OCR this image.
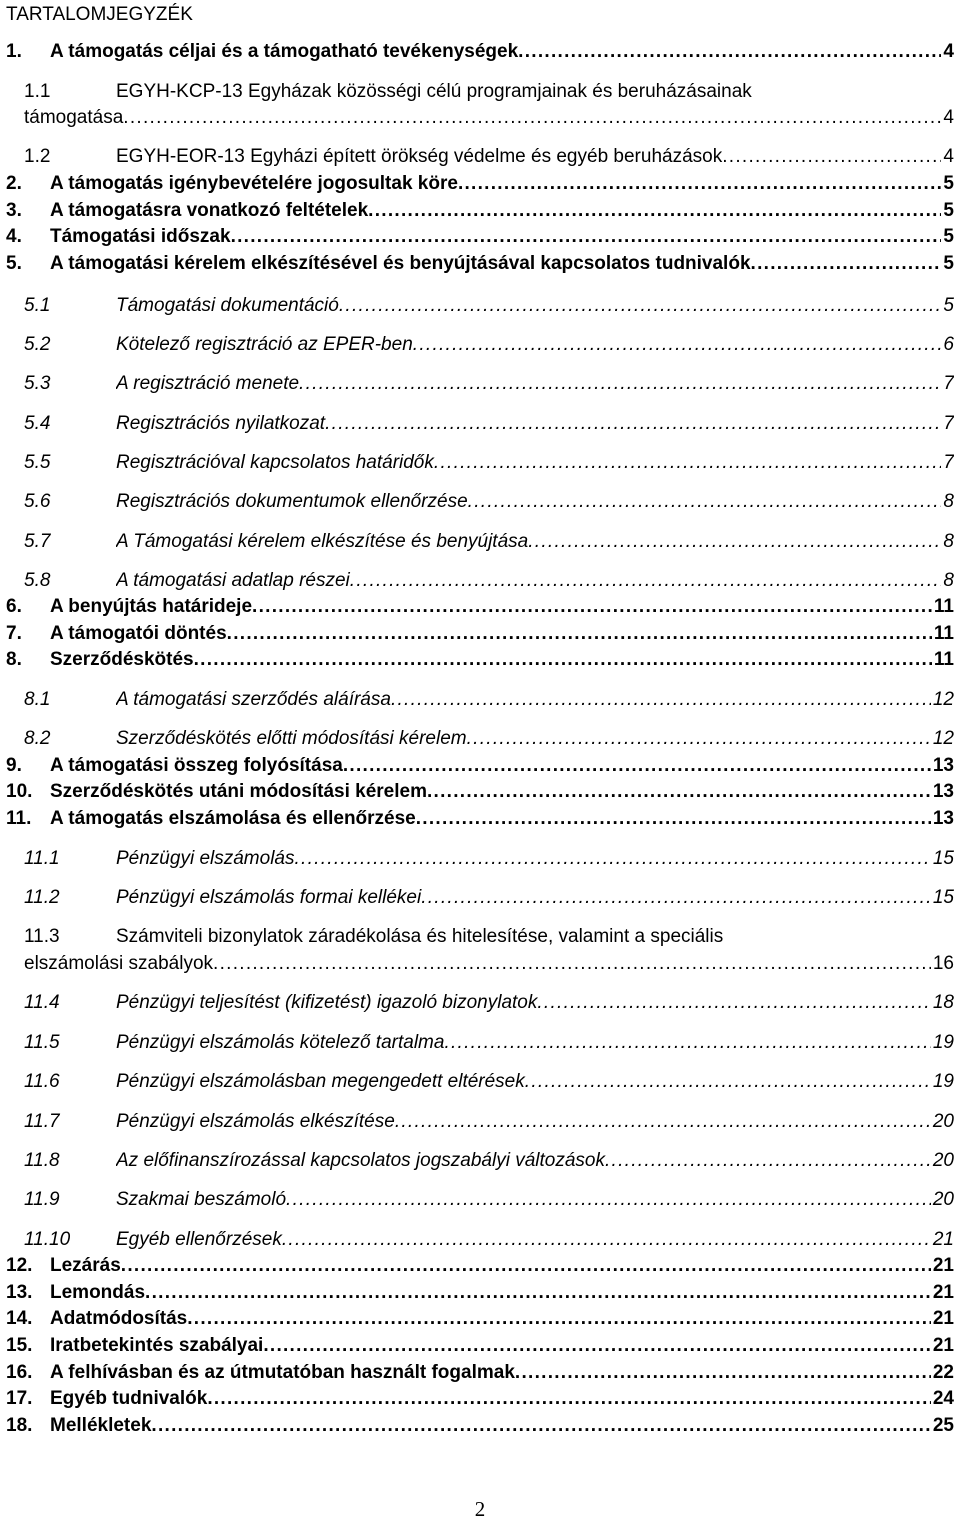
TARTALOMJEGYZÉK
1. A támogatás céljai és a támogatható tevékenységek . . .	4
1.1	EGYH-KCP-13 Egyházak közösségi célú programjainak és beruházásainak
támogatása . . .	4
1.2	EGYH-EOR-13 Egyházi épített örökség védelme és egyéb beruházások . . .	4
2. A támogatás igénybevételére jogosultak köre . . .	5
3. A támogatásra vonatkozó feltételek . . .	5
4. Támogatási időszak . . .	5
5. A támogatási kérelem elkészítésével és benyújtásával kapcsolatos tudnivalók . . .	5
5.1	Támogatási dokumentáció . . .	5
5.2	Kötelező regisztráció az EPER-ben . . .	6
5.3	A regisztráció menete . . .	7
5.4	Regisztrációs nyilatkozat . . .	7
5.5	Regisztrációval kapcsolatos határidők . . .	7
5.6	Regisztrációs dokumentumok ellenőrzése . . .	8
5.7	A Támogatási kérelem elkészítése és benyújtása . . .	8
5.8	A támogatási adatlap részei . . .	8
6. A benyújtás határideje . . .	11
7. A támogatói döntés . . .	11
8. Szerződéskötés . . .	11
8.1	A támogatási szerződés aláírása . . .	12
8.2	Szerződéskötés előtti módosítási kérelem . . .	12
9. A támogatási összeg folyósítása . . .	13
10. Szerződéskötés utáni módosítási kérelem . . .	13
11. A támogatás elszámolása és ellenőrzése . . .	13
11.1	Pénzügyi elszámolás . . .	15
11.2	Pénzügyi elszámolás formai kellékei . . .	15
11.3	Számviteli bizonylatok záradékolása és hitelesítése, valamint a speciális
elszámolási szabályok . . .	16
11.4	Pénzügyi teljesítést (kifizetést) igazoló bizonylatok . . .	18
11.5	Pénzügyi elszámolás kötelező tartalma . . .	19
11.6	Pénzügyi elszámolásban megengedett eltérések . . .	19
11.7	Pénzügyi elszámolás elkészítése . . .	20
11.8	Az előfinanszírozással kapcsolatos jogszabályi változások . . .	20
11.9	Szakmai beszámoló . . .	20
11.10 Egyéb ellenőrzések . . .	21
12. Lezárás . . .	21
13. Lemondás . . .	21
14. Adatmódosítás . . .	21
15. Iratbetekintés szabályai . . .	21
16. A felhívásban és az útmutatóban használt fogalmak . . .	22
17. Egyéb tudnivalók . . .	24
18. Mellékletek . . .	25
2
